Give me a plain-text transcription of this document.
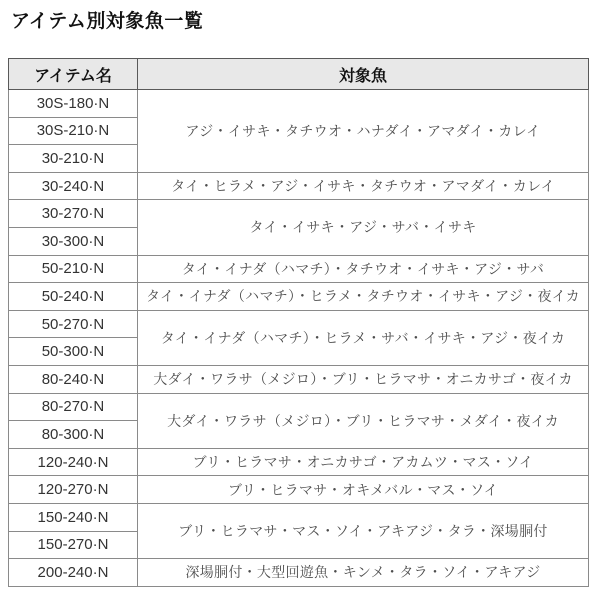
アイテム別対象魚一覧
アイテム名	対象魚
30S-180·N	アジ・イサキ・タチウオ・ハナダイ・アマダイ・カレイ
30S-210·N	
30-210·N	
30-240·N	タイ・ヒラメ・アジ・イサキ・タチウオ・アマダイ・カレイ
30-270·N	タイ・イサキ・アジ・サバ・イサキ
30-300·N	
50-210·N	タイ・イナダ（ハマチ）・タチウオ・イサキ・アジ・サバ
50-240·N	タイ・イナダ（ハマチ）・ヒラメ・タチウオ・イサキ・アジ・夜イカ
50-270·N	タイ・イナダ（ハマチ）・ヒラメ・サバ・イサキ・アジ・夜イカ
50-300·N	
80-240·N	大ダイ・ワラサ（メジロ）・ブリ・ヒラマサ・オニカサゴ・夜イカ
80-270·N	大ダイ・ワラサ（メジロ）・ブリ・ヒラマサ・メダイ・夜イカ
80-300·N	
120-240·N	ブリ・ヒラマサ・オニカサゴ・アカムツ・マス・ソイ
120-270·N	ブリ・ヒラマサ・オキメバル・マス・ソイ
150-240·N	ブリ・ヒラマサ・マス・ソイ・アキアジ・タラ・深場胴付
150-270·N	
200-240·N	深場胴付・大型回遊魚・キンメ・タラ・ソイ・アキアジ
